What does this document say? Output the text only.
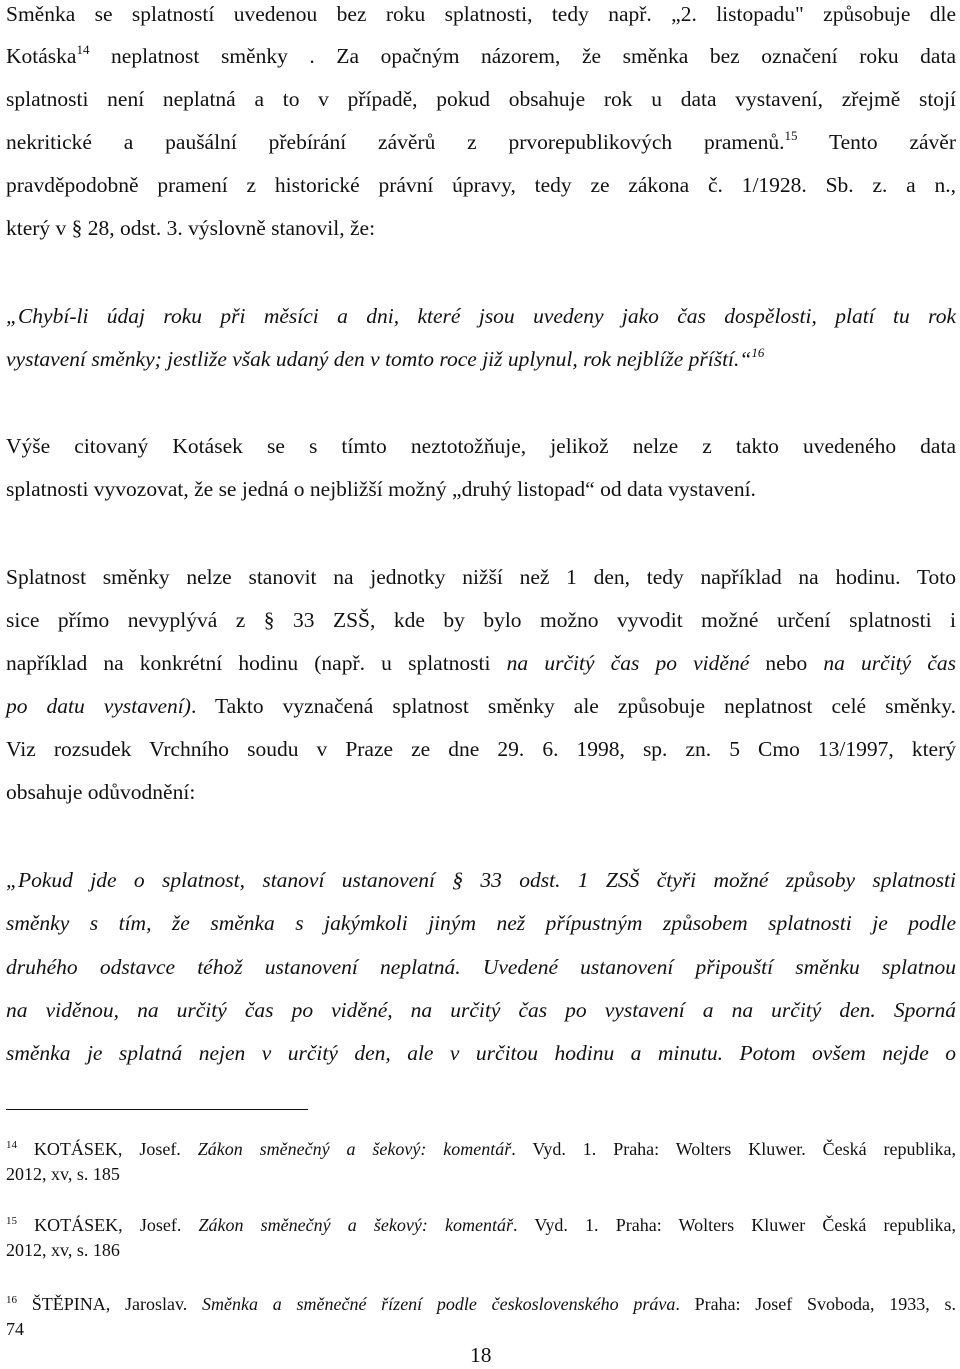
Směnka se splatností uvedenou bez roku splatnosti, tedy např. „2. listopadu" způsobuje dle
Kotáska$^{14}$ neplatnost směnky . Za opačným názorem, že směnka bez označení roku data
splatnosti není neplatná a to v případě, pokud obsahuje rok u data vystavení, zřejmě stojí
nekritické a paušální přebírání závěrů z prvorepublikových pramenů.$^{15}$ Tento závěr
pravděpodobně pramení z historické právní úpravy, tedy ze zákona č. 1/1928. Sb. z. a n.,
který v § 28, odst. 3. výslovně stanovil, že:
„Chybí-li údaj roku při měsíci a dni, které jsou uvedeny jako čas dospělosti, platí tu rok
vystavení směnky; jestliže však udaný den v tomto roce již uplynul, rok nejblíže příští.“$^{16}$
Výše citovaný Kotásek se s tímto neztotožňuje, jelikož nelze z takto uvedeného data
splatnosti vyvozovat, že se jedná o nejbližší možný „druhý listopad“ od data vystavení.
Splatnost směnky nelze stanovit na jednotky nižší než 1 den, tedy například na hodinu. Toto
sice přímo nevyplývá z § 33 ZSŠ, kde by bylo možno vyvodit možné určení splatnosti i
například na konkrétní hodinu (např. u splatnosti na určitý čas po viděné nebo na určitý čas
po datu vystavení). Takto vyznačená splatnost směnky ale způsobuje neplatnost celé směnky.
Viz rozsudek Vrchního soudu v Praze ze dne 29. 6. 1998, sp. zn. 5 Cmo 13/1997, který
obsahuje odůvodnění:
„Pokud jde o splatnost, stanoví ustanovení § 33 odst. 1 ZSŠ čtyři možné způsoby splatnosti
směnky s tím, že směnka s jakýmkoli jiným než přípustným způsobem splatnosti je podle
druhého odstavce téhož ustanovení neplatná. Uvedené ustanovení připouští směnku splatnou
na viděnou, na určitý čas po viděné, na určitý čas po vystavení a na určitý den. Sporná
směnka je splatná nejen v určitý den, ale v určitou hodinu a minutu. Potom ovšem nejde o
$^{14}$ KOTÁSEK, Josef. Zákon směnečný a šekový: komentář. Vyd. 1. Praha: Wolters Kluwer. Česká republika,
2012, xv, s. 185
$^{15}$ KOTÁSEK, Josef. Zákon směnečný a šekový: komentář. Vyd. 1. Praha: Wolters Kluwer Česká republika,
2012, xv, s. 186
$^{16}$ ŠTĚPINA, Jaroslav. Směnka a směnečné řízení podle československého práva. Praha: Josef Svoboda, 1933, s.
74
18
